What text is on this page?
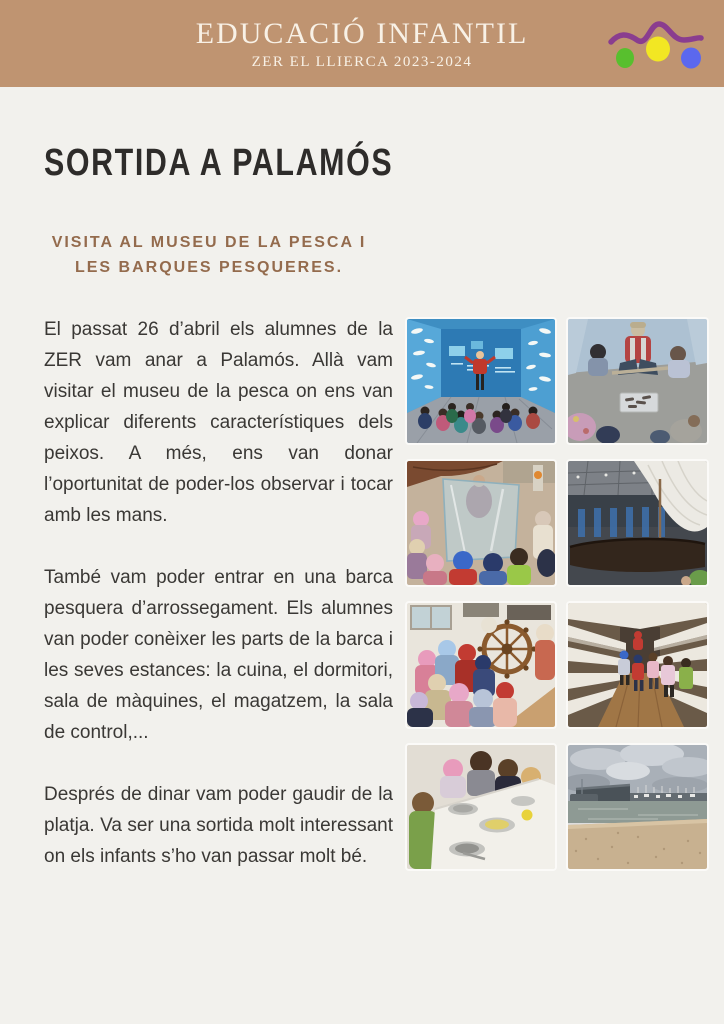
EDUCACIÓ INFANTIL
ZER EL LLIERCA 2023-2024
SORTIDA A PALAMÓS
VISITA AL MUSEU DE LA PESCA I
LES BARQUES PESQUERES.

El passat 26 d’abril els alumnes de la ZER vam anar a Palamós. Allà vam visitar el museu de la pesca on ens van explicar diferents característiques dels peixos. A més, ens van donar l’oportunitat de poder-los observar i tocar amb les mans.

També vam poder entrar en una barca pesquera d’arrossegament. Els alumnes van poder conèixer les parts de la barca i les seves estances: la cuina, el dormitori, sala de màquines, el magatzem, la sala de control,...

Després de dinar vam poder gaudir de la platja. Va ser una sortida molt interessant on els infants s’ho van passar molt bé.
